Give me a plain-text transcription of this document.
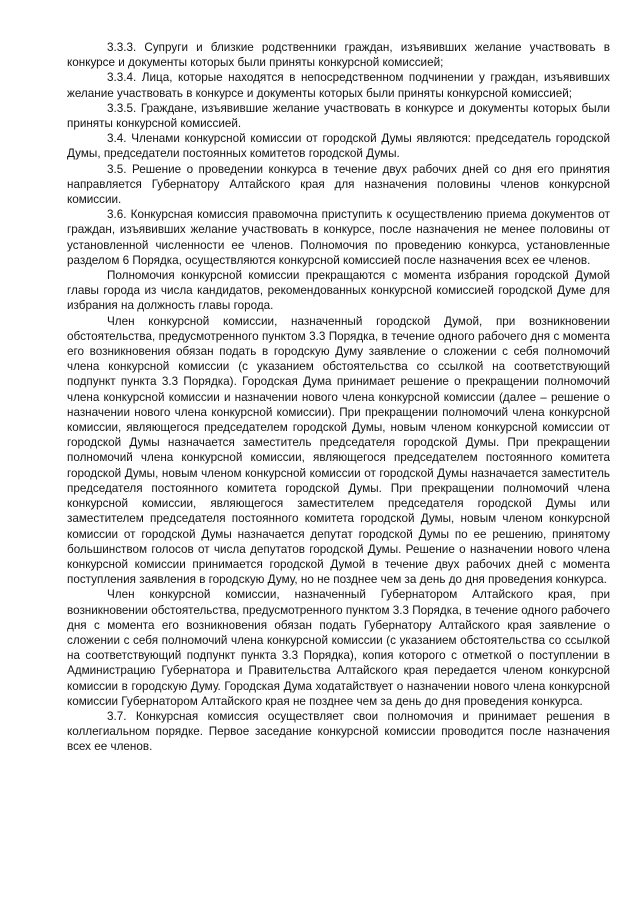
3.3.3. Супруги и близкие родственники граждан, изъявивших желание участвовать в конкурсе и документы которых были приняты конкурсной комиссией;

3.3.4. Лица, которые находятся в непосредственном подчинении у граждан, изъявивших желание участвовать в конкурсе и документы которых были приняты конкурсной комиссией;

3.3.5. Граждане, изъявившие желание участвовать в конкурсе и документы которых были приняты конкурсной комиссией.

3.4. Членами конкурсной комиссии от городской Думы являются: председатель городской Думы, председатели постоянных комитетов городской Думы.

3.5. Решение о проведении конкурса в течение двух рабочих дней со дня его принятия направляется Губернатору Алтайского края для назначения половины членов конкурсной комиссии.

3.6. Конкурсная комиссия правомочна приступить к осуществлению приема документов от граждан, изъявивших желание участвовать в конкурсе, после назначения не менее половины от установленной численности ее членов. Полномочия по проведению конкурса, установленные разделом 6 Порядка, осуществляются конкурсной комиссией после назначения всех ее членов.

Полномочия конкурсной комиссии прекращаются с момента избрания городской Думой главы города из числа кандидатов, рекомендованных конкурсной комиссией городской Думе для избрания на должность главы города.

Член конкурсной комиссии, назначенный городской Думой, при возникновении обстоятельства, предусмотренного пунктом 3.3 Порядка, в течение одного рабочего дня с момента его возникновения обязан подать в городскую Думу заявление о сложении с себя полномочий члена конкурсной комиссии (с указанием обстоятельства со ссылкой на соответствующий подпункт пункта 3.3 Порядка). Городская Дума принимает решение о прекращении полномочий члена конкурсной комиссии и назначении нового члена конкурсной комиссии (далее – решение о назначении нового члена конкурсной комиссии). При прекращении полномочий члена конкурсной комиссии, являющегося председателем городской Думы, новым членом конкурсной комиссии от городской Думы назначается заместитель председателя городской Думы. При прекращении полномочий члена конкурсной комиссии, являющегося председателем постоянного комитета городской Думы, новым членом конкурсной комиссии от городской Думы назначается заместитель председателя постоянного комитета городской Думы. При прекращении полномочий члена конкурсной комиссии, являющегося заместителем председателя городской Думы или заместителем председателя постоянного комитета городской Думы, новым членом конкурсной комиссии от городской Думы назначается депутат городской Думы по ее решению, принятому большинством голосов от числа депутатов городской Думы. Решение о назначении нового члена конкурсной комиссии принимается городской Думой в течение двух рабочих дней с момента поступления заявления в городскую Думу, но не позднее чем за день до дня проведения конкурса.

Член конкурсной комиссии, назначенный Губернатором Алтайского края, при возникновении обстоятельства, предусмотренного пунктом 3.3 Порядка, в течение одного рабочего дня с момента его возникновения обязан подать Губернатору Алтайского края заявление о сложении с себя полномочий члена конкурсной комиссии (с указанием обстоятельства со ссылкой на соответствующий подпункт пункта 3.3 Порядка), копия которого с отметкой о поступлении в Администрацию Губернатора и Правительства Алтайского края передается членом конкурсной комиссии в городскую Думу. Городская Дума ходатайствует о назначении нового члена конкурсной комиссии Губернатором Алтайского края не позднее чем за день до дня проведения конкурса.

3.7. Конкурсная комиссия осуществляет свои полномочия и принимает решения в коллегиальном порядке. Первое заседание конкурсной комиссии проводится после назначения всех ее членов.
